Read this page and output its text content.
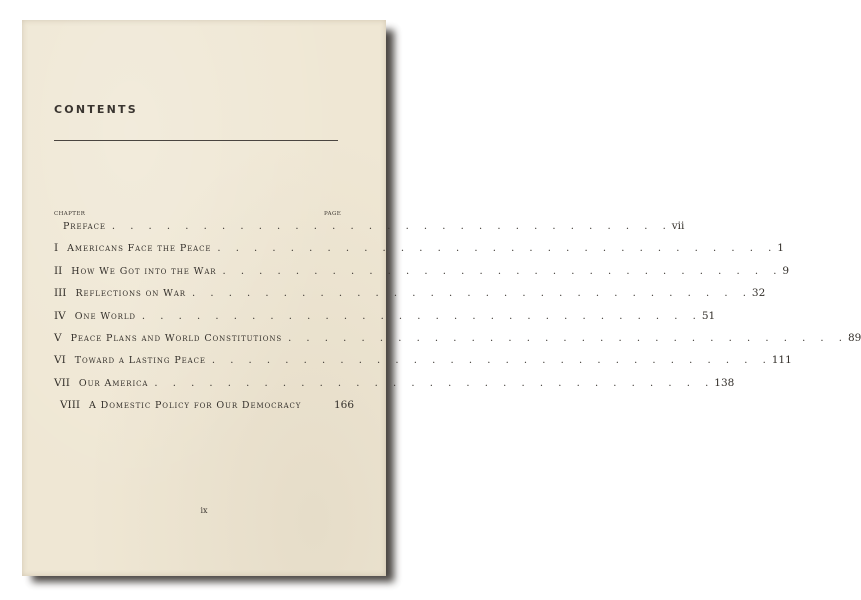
CONTENTS
CHAPTER	PAGE
Preface . . . . . . . . . . . . . . . . . . . . . . . . . . . . . . . vii
I Americans Face the Peace . . . . . . . . . . . . . . . . . . . . . . . . . . . . . . . 1
II How We Got into the War . . . . . . . . . . . . . . . . . . . . . . . . . . . . . . . 9
III Reflections on War . . . . . . . . . . . . . . . . . . . . . . . . . . . . . . . 32
IV One World . . . . . . . . . . . . . . . . . . . . . . . . . . . . . . . 51
V Peace Plans and World Constitutions . . . . . . . . . . . . . . . . . . . . . . . . . . . . . . . 89
VI Toward a Lasting Peace . . . . . . . . . . . . . . . . . . . . . . . . . . . . . . . 111
VII Our America . . . . . . . . . . . . . . . . . . . . . . . . . . . . . . . 138
VIII A Domestic Policy for Our Democracy	166
ix
